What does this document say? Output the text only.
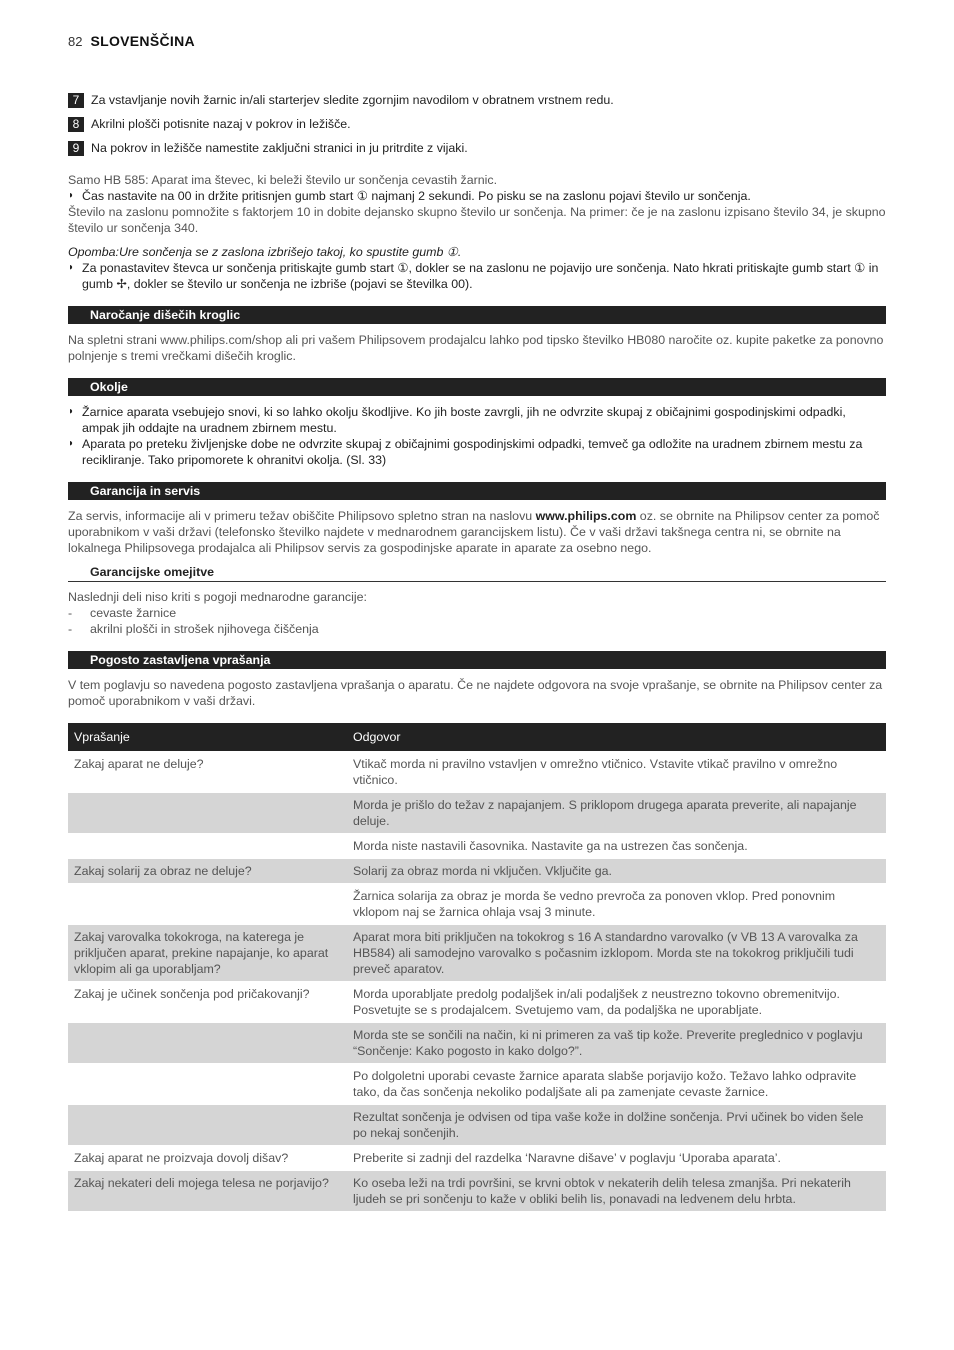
82 SLOVENŠČINA
7 Za vstavljanje novih žarnic in/ali starterjev sledite zgornjim navodilom v obratnem vrstnem redu.
8 Akrilni plošči potisnite nazaj v pokrov in ležišče.
9 Na pokrov in ležišče namestite zaključni stranici in ju pritrdite z vijaki.
Samo HB 585: Aparat ima števec, ki beleži število ur sončenja cevastih žarnic.
◗ Čas nastavite na 00 in držite pritisnjen gumb start ① najmanj 2 sekundi. Po pisku se na zaslonu pojavi število ur sončenja.
Število na zaslonu pomnožite s faktorjem 10 in dobite dejansko skupno število ur sončenja. Na primer: če je na zaslonu izpisano število 34, je skupno število ur sončenja 340.
Opomba:Ure sončenja se z zaslona izbrišejo takoj, ko spustite gumb ①.
◗ Za ponastavitev števca ur sončenja pritiskajte gumb start ①, dokler se na zaslonu ne pojavijo ure sončenja. Nato hkrati pritiskajte gumb start ① in gumb ✢, dokler se število ur sončenja ne izbriše (pojavi se številka 00).
Naročanje dišečih kroglic
Na spletni strani www.philips.com/shop ali pri vašem Philipsovem prodajalcu lahko pod tipsko številko HB080 naročite oz. kupite paketke za ponovno polnjenje s tremi vrečkami dišečih kroglic.
Okolje
◗ Žarnice aparata vsebujejo snovi, ki so lahko okolju škodljive. Ko jih boste zavrgli, jih ne odvrzite skupaj z običajnimi gospodinjskimi odpadki, ampak jih oddajte na uradnem zbirnem mestu.
◗ Aparata po preteku življenjske dobe ne odvrzite skupaj z običajnimi gospodinjskimi odpadki, temveč ga odložite na uradnem zbirnem mestu za recikliranje. Tako pripomorete k ohranitvi okolja. (Sl. 33)
Garancija in servis
Za servis, informacije ali v primeru težav obiščite Philipsovo spletno stran na naslovu www.philips.com oz. se obrnite na Philipsov center za pomoč uporabnikom v vaši državi (telefonsko številko najdete v mednarodnem garancijskem listu). Če v vaši državi takšnega centra ni, se obrnite na lokalnega Philipsovega prodajalca ali Philipsov servis za gospodinjske aparate in aparate za osebno nego.
Garancijske omejitve
Naslednji deli niso kriti s pogoji mednarodne garancije:
- cevaste žarnice
- akrilni plošči in strošek njihovega čiščenja
Pogosto zastavljena vprašanja
V tem poglavju so navedena pogosto zastavljena vprašanja o aparatu. Če ne najdete odgovora na svoje vprašanje, se obrnite na Philipsov center za pomoč uporabnikom v vaši državi.
Vprašanje	Odgovor
Zakaj aparat ne deluje?	Vtikač morda ni pravilno vstavljen v omrežno vtičnico. Vstavite vtikač pravilno v omrežno vtičnico.
	Morda je prišlo do težav z napajanjem. S priklopom drugega aparata preverite, ali napajanje deluje.
	Morda niste nastavili časovnika. Nastavite ga na ustrezen čas sončenja.
Zakaj solarij za obraz ne deluje?	Solarij za obraz morda ni vključen. Vključite ga.
	Žarnica solarija za obraz je morda še vedno prevroča za ponoven vklop. Pred ponovnim vklopom naj se žarnica ohlaja vsaj 3 minute.
Zakaj varovalka tokokroga, na katerega je priključen aparat, prekine napajanje, ko aparat vklopim ali ga uporabljam?	Aparat mora biti priključen na tokokrog s 16 A standardno varovalko (v VB 13 A varovalka za HB584) ali samodejno varovalko s počasnim izklopom. Morda ste na tokokrog priključili tudi preveč aparatov.
Zakaj je učinek sončenja pod pričakovanji?	Morda uporabljate predolg podaljšek in/ali podaljšek z neustrezno tokovno obremenitvijo. Posvetujte se s prodajalcem. Svetujemo vam, da podaljška ne uporabljate.
	Morda ste se sončili na način, ki ni primeren za vaš tip kože. Preverite preglednico v poglavju “Sončenje: Kako pogosto in kako dolgo?”.
	Po dolgoletni uporabi cevaste žarnice aparata slabše porjavijo kožo. Težavo lahko odpravite tako, da čas sončenja nekoliko podaljšate ali pa zamenjate cevaste žarnice.
	Rezultat sončenja je odvisen od tipa vaše kože in dolžine sončenja. Prvi učinek bo viden šele po nekaj sončenjih.
Zakaj aparat ne proizvaja dovolj dišav?	Preberite si zadnji del razdelka ‘Naravne dišave’ v poglavju ‘Uporaba aparata’.
Zakaj nekateri deli mojega telesa ne porjavijo?	Ko oseba leži na trdi površini, se krvni obtok v nekaterih delih telesa zmanjša. Pri nekaterih ljudeh se pri sončenju to kaže v obliki belih lis, ponavadi na ledvenem delu hrbta.
